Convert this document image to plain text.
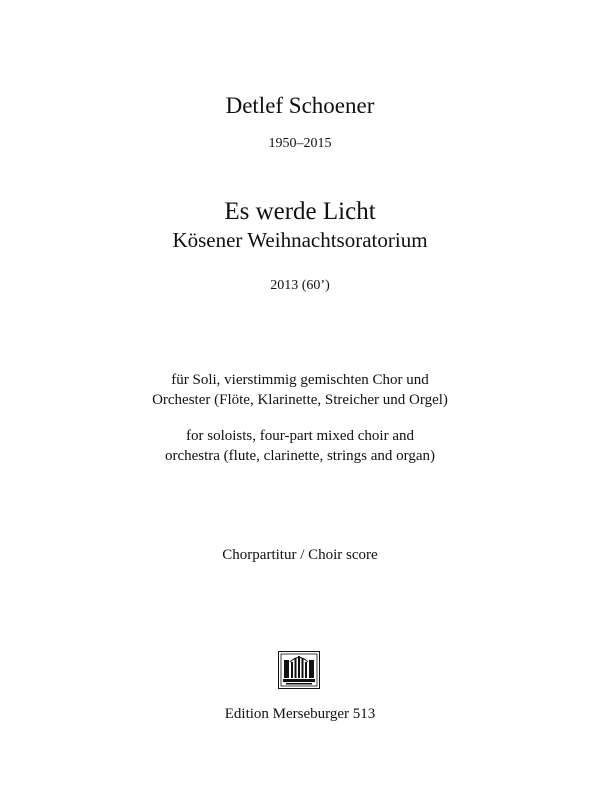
Detlef Schoener
1950–2015
Es werde Licht
Kösener Weihnachtsoratorium
2013 (60’)
für Soli, vierstimmig gemischten Chor und
Orchester (Flöte, Klarinette, Streicher und Orgel)
for soloists, four-part mixed choir and
orchestra (flute, clarinette, strings and organ)
Chorpartitur / Choir score
Edition Merseburger 513
